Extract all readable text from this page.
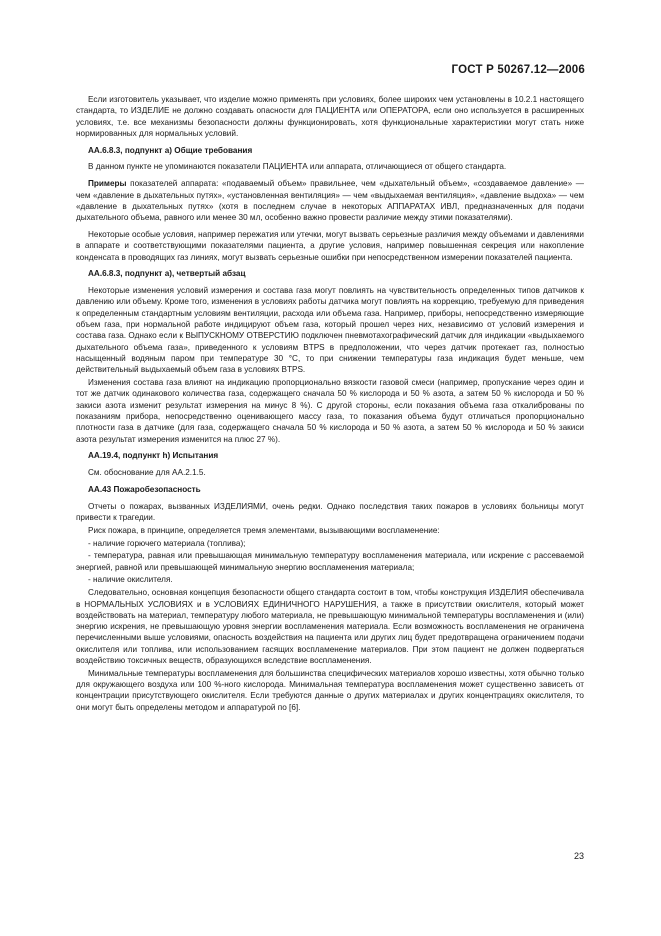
ГОСТ Р 50267.12—2006

Если изготовитель указывает, что изделие можно применять при условиях, более широких чем установлены в 10.2.1 настоящего стандарта, то ИЗДЕЛИЕ не должно создавать опасности для ПАЦИЕНТА или ОПЕРАТОРА, если оно используется в расширенных условиях, т.е. все механизмы безопасности должны функционировать, хотя функциональные характеристики могут стать ниже нормированных для нормальных условий.

АА.6.8.3, подпункт а) Общие требования

В данном пункте не упоминаются показатели ПАЦИЕНТА или аппарата, отличающиеся от общего стандарта.

Примеры показателей аппарата: «подаваемый объем» правильнее, чем «дыхательный объем», «создаваемое давление» — чем «давление в дыхательных путях», «установленная вентиляция» — чем «выдыхаемая вентиляция», «давление выдоха» — чем «давление в дыхательных путях» (хотя в последнем случае в некоторых АППАРАТАХ ИВЛ, предназначенных для подачи дыхательного объема, равного или менее 30 мл, особенно важно провести различие между этими показателями).

Некоторые особые условия, например пережатия или утечки, могут вызвать серьезные различия между объемами и давлениями в аппарате и соответствующими показателями пациента, а другие условия, например повышенная секреция или накопление конденсата в проводящих газ линиях, могут вызвать серьезные ошибки при непосредственном измерении показателей пациента.

АА.6.8.3, подпункт а), четвертый абзац

Некоторые изменения условий измерения и состава газа могут повлиять на чувствительность определенных типов датчиков к давлению или объему. Кроме того, изменения в условиях работы датчика могут повлиять на коррекцию, требуемую для приведения к определенным стандартным условиям вентиляции, расхода или объема газа. Например, приборы, непосредственно измеряющие объем газа, при нормальной работе индицируют объем газа, который прошел через них, независимо от условий измерения и состава газа. Однако если к ВЫПУСКНОМУ ОТВЕРСТИЮ подключен пневмотахографический датчик для индикации «выдыхаемого дыхательного объема газа», приведенного к условиям BTPS в предположении, что через датчик протекает газ, полностью насыщенный водяным паром при температуре 30 °С, то при снижении температуры газа индикация будет меньше, чем действительный выдыхаемый объем газа в условиях BTPS.

Изменения состава газа влияют на индикацию пропорционально вязкости газовой смеси (например, пропускание через один и тот же датчик одинакового количества газа, содержащего сначала 50 % кислорода и 50 % азота, а затем 50 % кислорода и 50 % закиси азота изменит результат измерения на минус 8 %). С другой стороны, если показания объема газа откалиброваны по показаниям прибора, непосредственно оценивающего массу газа, то показания объема будут отличаться пропорционально плотности газа в датчике (для газа, содержащего сначала 50 % кислорода и 50 % азота, а затем 50 % кислорода и 50 % закиси азота результат измерения изменится на плюс 27 %).

АА.19.4, подпункт h) Испытания

См. обоснование для АА.2.1.5.

АА.43 Пожаробезопасность

Отчеты о пожарах, вызванных ИЗДЕЛИЯМИ, очень редки. Однако последствия таких пожаров в условиях больницы могут привести к трагедии.

Риск пожара, в принципе, определяется тремя элементами, вызывающими воспламенение:

- наличие горючего материала (топлива);

- температура, равная или превышающая минимальную температуру воспламенения материала, или искрение с рассеваемой энергией, равной или превышающей минимальную энергию воспламенения материала;

- наличие окислителя.

Следовательно, основная концепция безопасности общего стандарта состоит в том, чтобы конструкция ИЗДЕЛИЯ обеспечивала в НОРМАЛЬНЫХ УСЛОВИЯХ и в УСЛОВИЯХ ЕДИНИЧНОГО НАРУШЕНИЯ, а также в присутствии окислителя, который может воздействовать на материал, температуру любого материала, не превышающую минимальной температуры воспламенения и (или) энергию искрения, не превышающую уровня энергии воспламенения материала. Если возможность воспламенения не ограничена перечисленными выше условиями, опасность воздействия на пациента или других лиц будет предотвращена ограничением подачи окислителя или топлива, или использованием гасящих воспламенение материалов. При этом пациент не должен подвергаться воздействию токсичных веществ, образующихся вследствие воспламенения.

Минимальные температуры воспламенения для большинства специфических материалов хорошо известны, хотя обычно только для окружающего воздуха или 100 %-ного кислорода. Минимальная температура воспламенения может существенно зависеть от концентрации присутствующего окислителя. Если требуются данные о других материалах и других концентрациях окислителя, то они могут быть определены методом и аппаратурой по [6].

23
